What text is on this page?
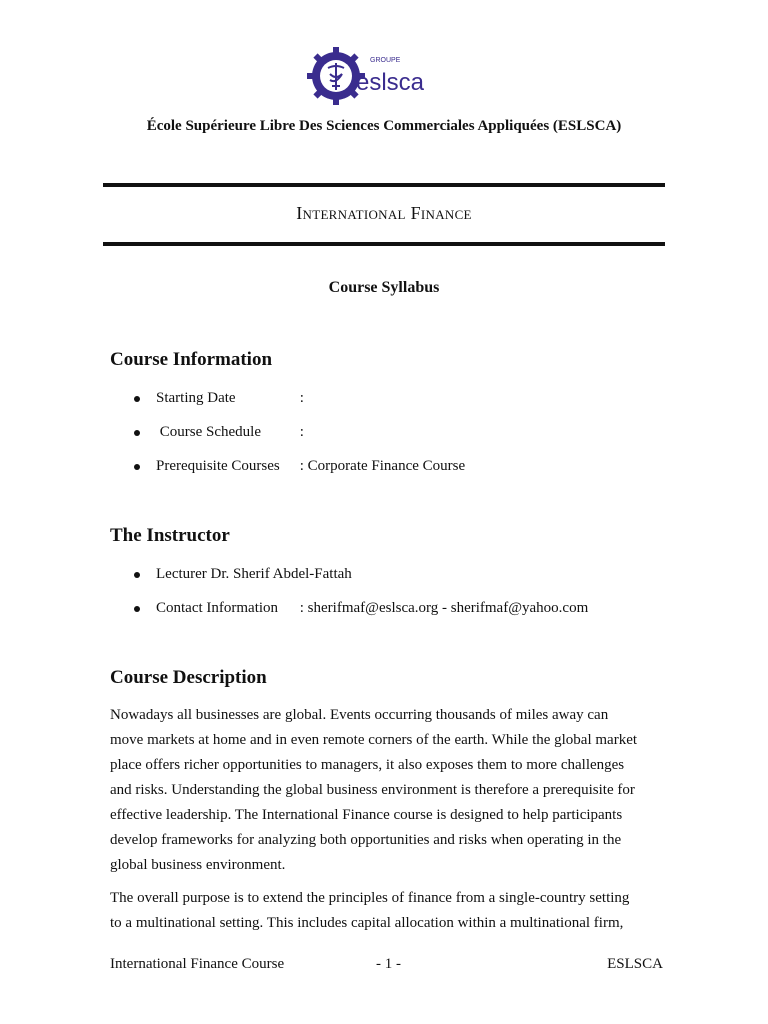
GROUPE
eslsca
École Supérieure Libre Des Sciences Commerciales Appliquées (ESLSCA)
International Finance
Course Syllabus
Course Information
Starting Date	:
Course Schedule	:
Prerequisite Courses : Corporate Finance Course
The Instructor
Lecturer Dr. Sherif Abdel-Fattah
Contact Information : sherifmaf@eslsca.org - sherifmaf@yahoo.com
Course Description
Nowadays all businesses are global. Events occurring thousands of miles away can
move markets at home and in even remote corners of the earth. While the global market
place offers richer opportunities to managers, it also exposes them to more challenges
and risks. Understanding the global business environment is therefore a prerequisite for
effective leadership. The International Finance course is designed to help participants
develop frameworks for analyzing both opportunities and risks when operating in the
global business environment.
The overall purpose is to extend the principles of finance from a single-country setting
to a multinational setting. This includes capital allocation within a multinational firm,
International Finance Course	- 1 -	ESLSCA
